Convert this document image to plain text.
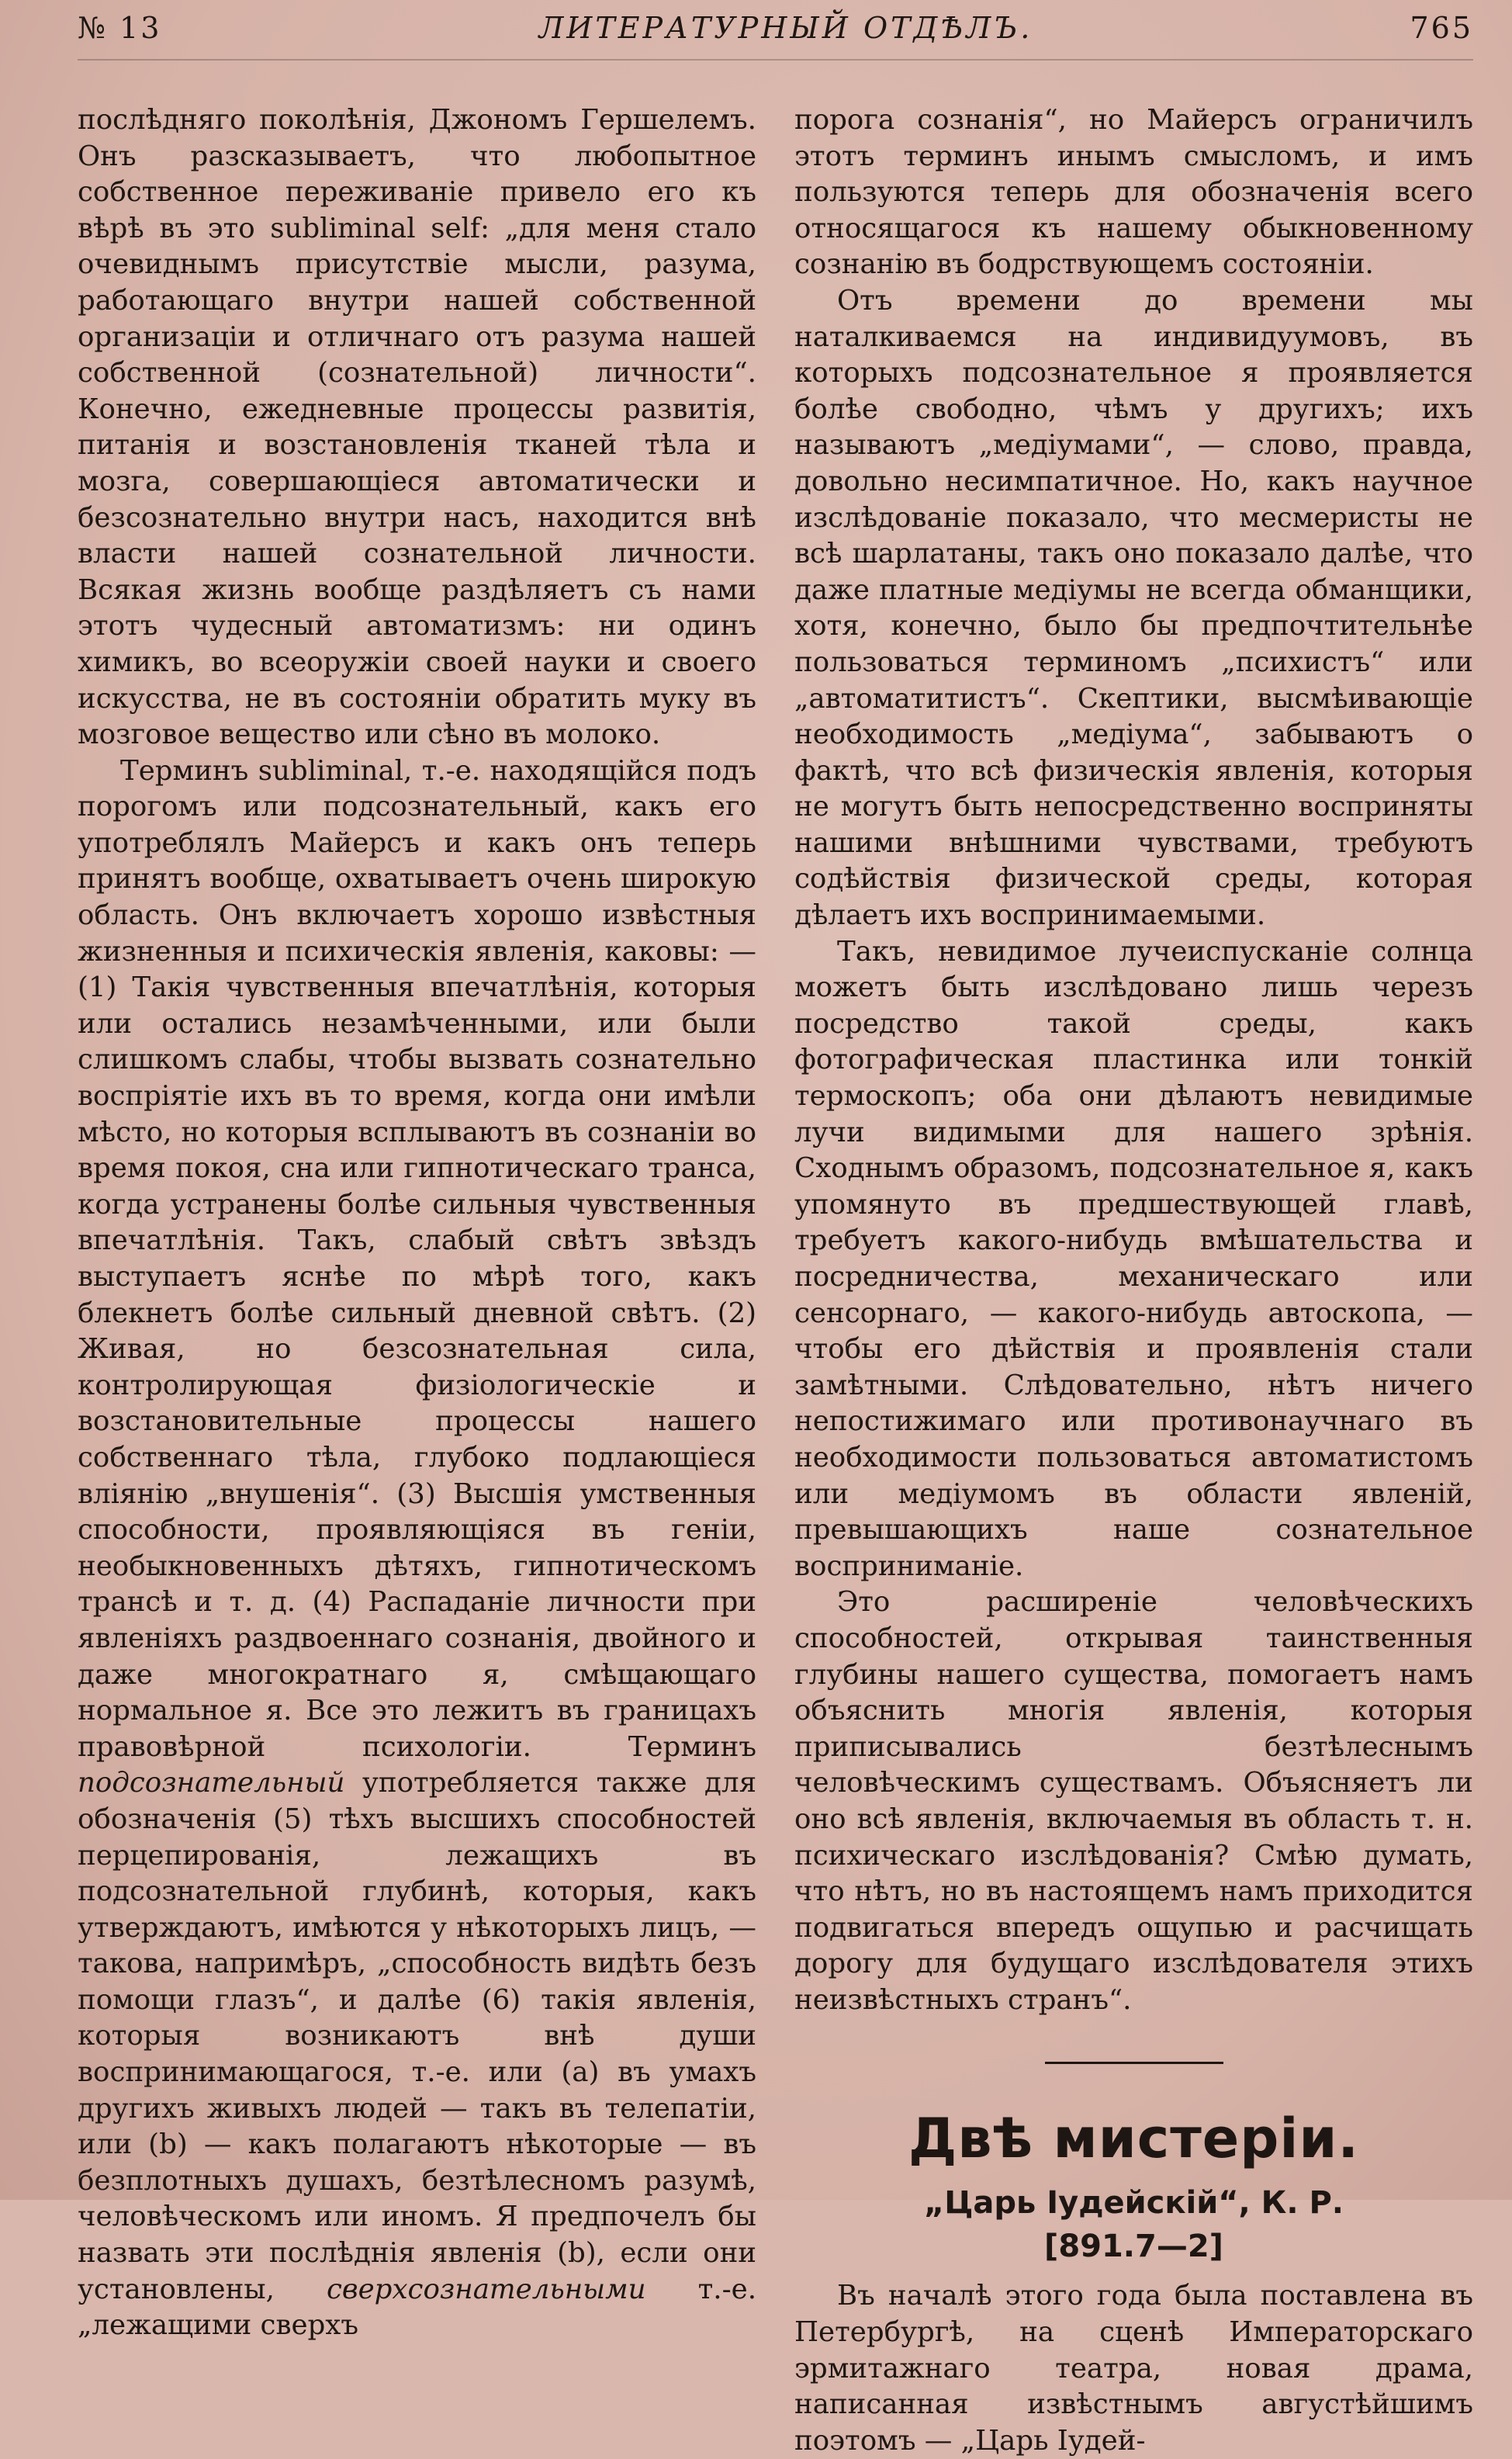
№ 13	ЛИТЕРАТУРНЫЙ ОТДѢЛЪ.	765

послѣдняго поколѣнія, Джономъ Гершелемъ. Онъ разсказываетъ, что любопытное собственное переживаніе привело его къ вѣрѣ въ это subliminal self: „для меня стало очевиднымъ присутствіе мысли, разума, работающаго внутри нашей собственной организаціи и отличнаго отъ разума нашей собственной (сознательной) личности“. Конечно, ежедневные процессы развитія, питанія и возстановленія тканей тѣла и мозга, совершающіеся автоматически и безсознательно внутри насъ, находится внѣ власти нашей сознательной личности. Всякая жизнь вообще раздѣляетъ съ нами этотъ чудесный автоматизмъ: ни одинъ химикъ, во всеоружіи своей науки и своего искусства, не въ состояніи обратить муку въ мозговое вещество или сѣно въ молоко.

Терминъ subliminal, т.-е. находящійся подъ порогомъ или подсознательный, какъ его употреблялъ Майерсъ и какъ онъ теперь принятъ вообще, охватываетъ очень широкую область. Онъ включаетъ хорошо извѣстныя жизненныя и психическія явленія, каковы: — (1) Такія чувственныя впечатлѣнія, которыя или остались незамѣченными, или были слишкомъ слабы, чтобы вызвать сознательно воспріятіе ихъ въ то время, когда они имѣли мѣсто, но которыя всплываютъ въ сознаніи во время покоя, сна или гипнотическаго транса, когда устранены болѣе сильныя чувственныя впечатлѣнія. Такъ, слабый свѣтъ звѣздъ выступаетъ яснѣе по мѣрѣ того, какъ блекнетъ болѣе сильный дневной свѣтъ. (2) Живая, но безсознательная сила, контролирующая физіологическіе и возстановительные процессы нашего собственнаго тѣла, глубоко подлающіеся вліянію „внушенія“. (3) Высшія умственныя способности, проявляющіяся въ геніи, необыкновенныхъ дѣтяхъ, гипнотическомъ трансѣ и т. д. (4) Распаданіе личности при явленіяхъ раздвоеннаго сознанія, двойного и даже многократнаго я, смѣщающаго нормальное я. Все это лежитъ въ границахъ правовѣрной психологіи. Терминъ подсознательный употребляется также для обозначенія (5) тѣхъ высшихъ способностей перцепированія, лежащихъ въ подсознательной глубинѣ, которыя, какъ утверждаютъ, имѣются у нѣкоторыхъ лицъ, — такова, напримѣръ, „способность видѣть безъ помощи глазъ“, и далѣе (6) такія явленія, которыя возникаютъ внѣ души воспринимающагося, т.-е. или (а) въ умахъ другихъ живыхъ людей — такъ въ телепатіи, или (b) — какъ полагаютъ нѣкоторые — въ безплотныхъ душахъ, безтѣлесномъ разумѣ, человѣческомъ или иномъ. Я предпочелъ бы назвать эти послѣднія явленія (b), если они установлены, сверхсознательными т.-е. „лежащими сверхъ

порога сознанія“, но Майерсъ ограничилъ этотъ терминъ инымъ смысломъ, и имъ пользуются теперь для обозначенія всего относящагося къ нашему обыкновенному сознанію въ бодрствующемъ состояніи.

Отъ времени до времени мы наталкиваемся на индивидуумовъ, въ которыхъ подсознательное я проявляется болѣе свободно, чѣмъ у другихъ; ихъ называютъ „медіумами“, — слово, правда, довольно несимпатичное. Но, какъ научное изслѣдованіе показало, что месмеристы не всѣ шарлатаны, такъ оно показало далѣе, что даже платные медіумы не всегда обманщики, хотя, конечно, было бы предпочтительнѣе пользоваться терминомъ „психистъ“ или „автоматитистъ“. Скептики, высмѣивающіе необходимость „медіума“, забываютъ о фактѣ, что всѣ физическія явленія, которыя не могутъ быть непосредственно восприняты нашими внѣшними чувствами, требуютъ содѣйствія физической среды, которая дѣлаетъ ихъ воспринимаемыми.

Такъ, невидимое лучеиспусканіе солнца можетъ быть изслѣдовано лишь черезъ посредство такой среды, какъ фотографическая пластинка или тонкій термоскопъ; оба они дѣлаютъ невидимые лучи видимыми для нашего зрѣнія. Сходнымъ образомъ, подсознательное я, какъ упомянуто въ предшествующей главѣ, требуетъ какого-нибудь вмѣшательства и посредничества, механическаго или сенсорнаго, — какого-нибудь автоскопа, — чтобы его дѣйствія и проявленія стали замѣтными. Слѣдовательно, нѣтъ ничего непостижимаго или противонаучнаго въ необходимости пользоваться автоматистомъ или медіумомъ въ области явленій, превышающихъ наше сознательное восприниманіе.

Это расширеніе человѣческихъ способностей, открывая таинственныя глубины нашего существа, помогаетъ намъ объяснить многія явленія, которыя приписывались безтѣлеснымъ человѣческимъ существамъ. Объясняетъ ли оно всѣ явленія, включаемыя въ область т. н. психическаго изслѣдованія? Смѣю думать, что нѣтъ, но въ настоящемъ намъ приходится подвигаться впередъ ощупью и расчищать дорогу для будущаго изслѣдователя этихъ неизвѣстныхъ странъ“.

Двѣ мистеріи.
„Царь Іудейскій“, К. Р.
[891.7—2]

Въ началѣ этого года была поставлена въ Петербургѣ, на сценѣ Императорскаго эрмитажнаго театра, новая драма, написанная извѣстнымъ августѣйшимъ поэтомъ — „Царь Іудей-
